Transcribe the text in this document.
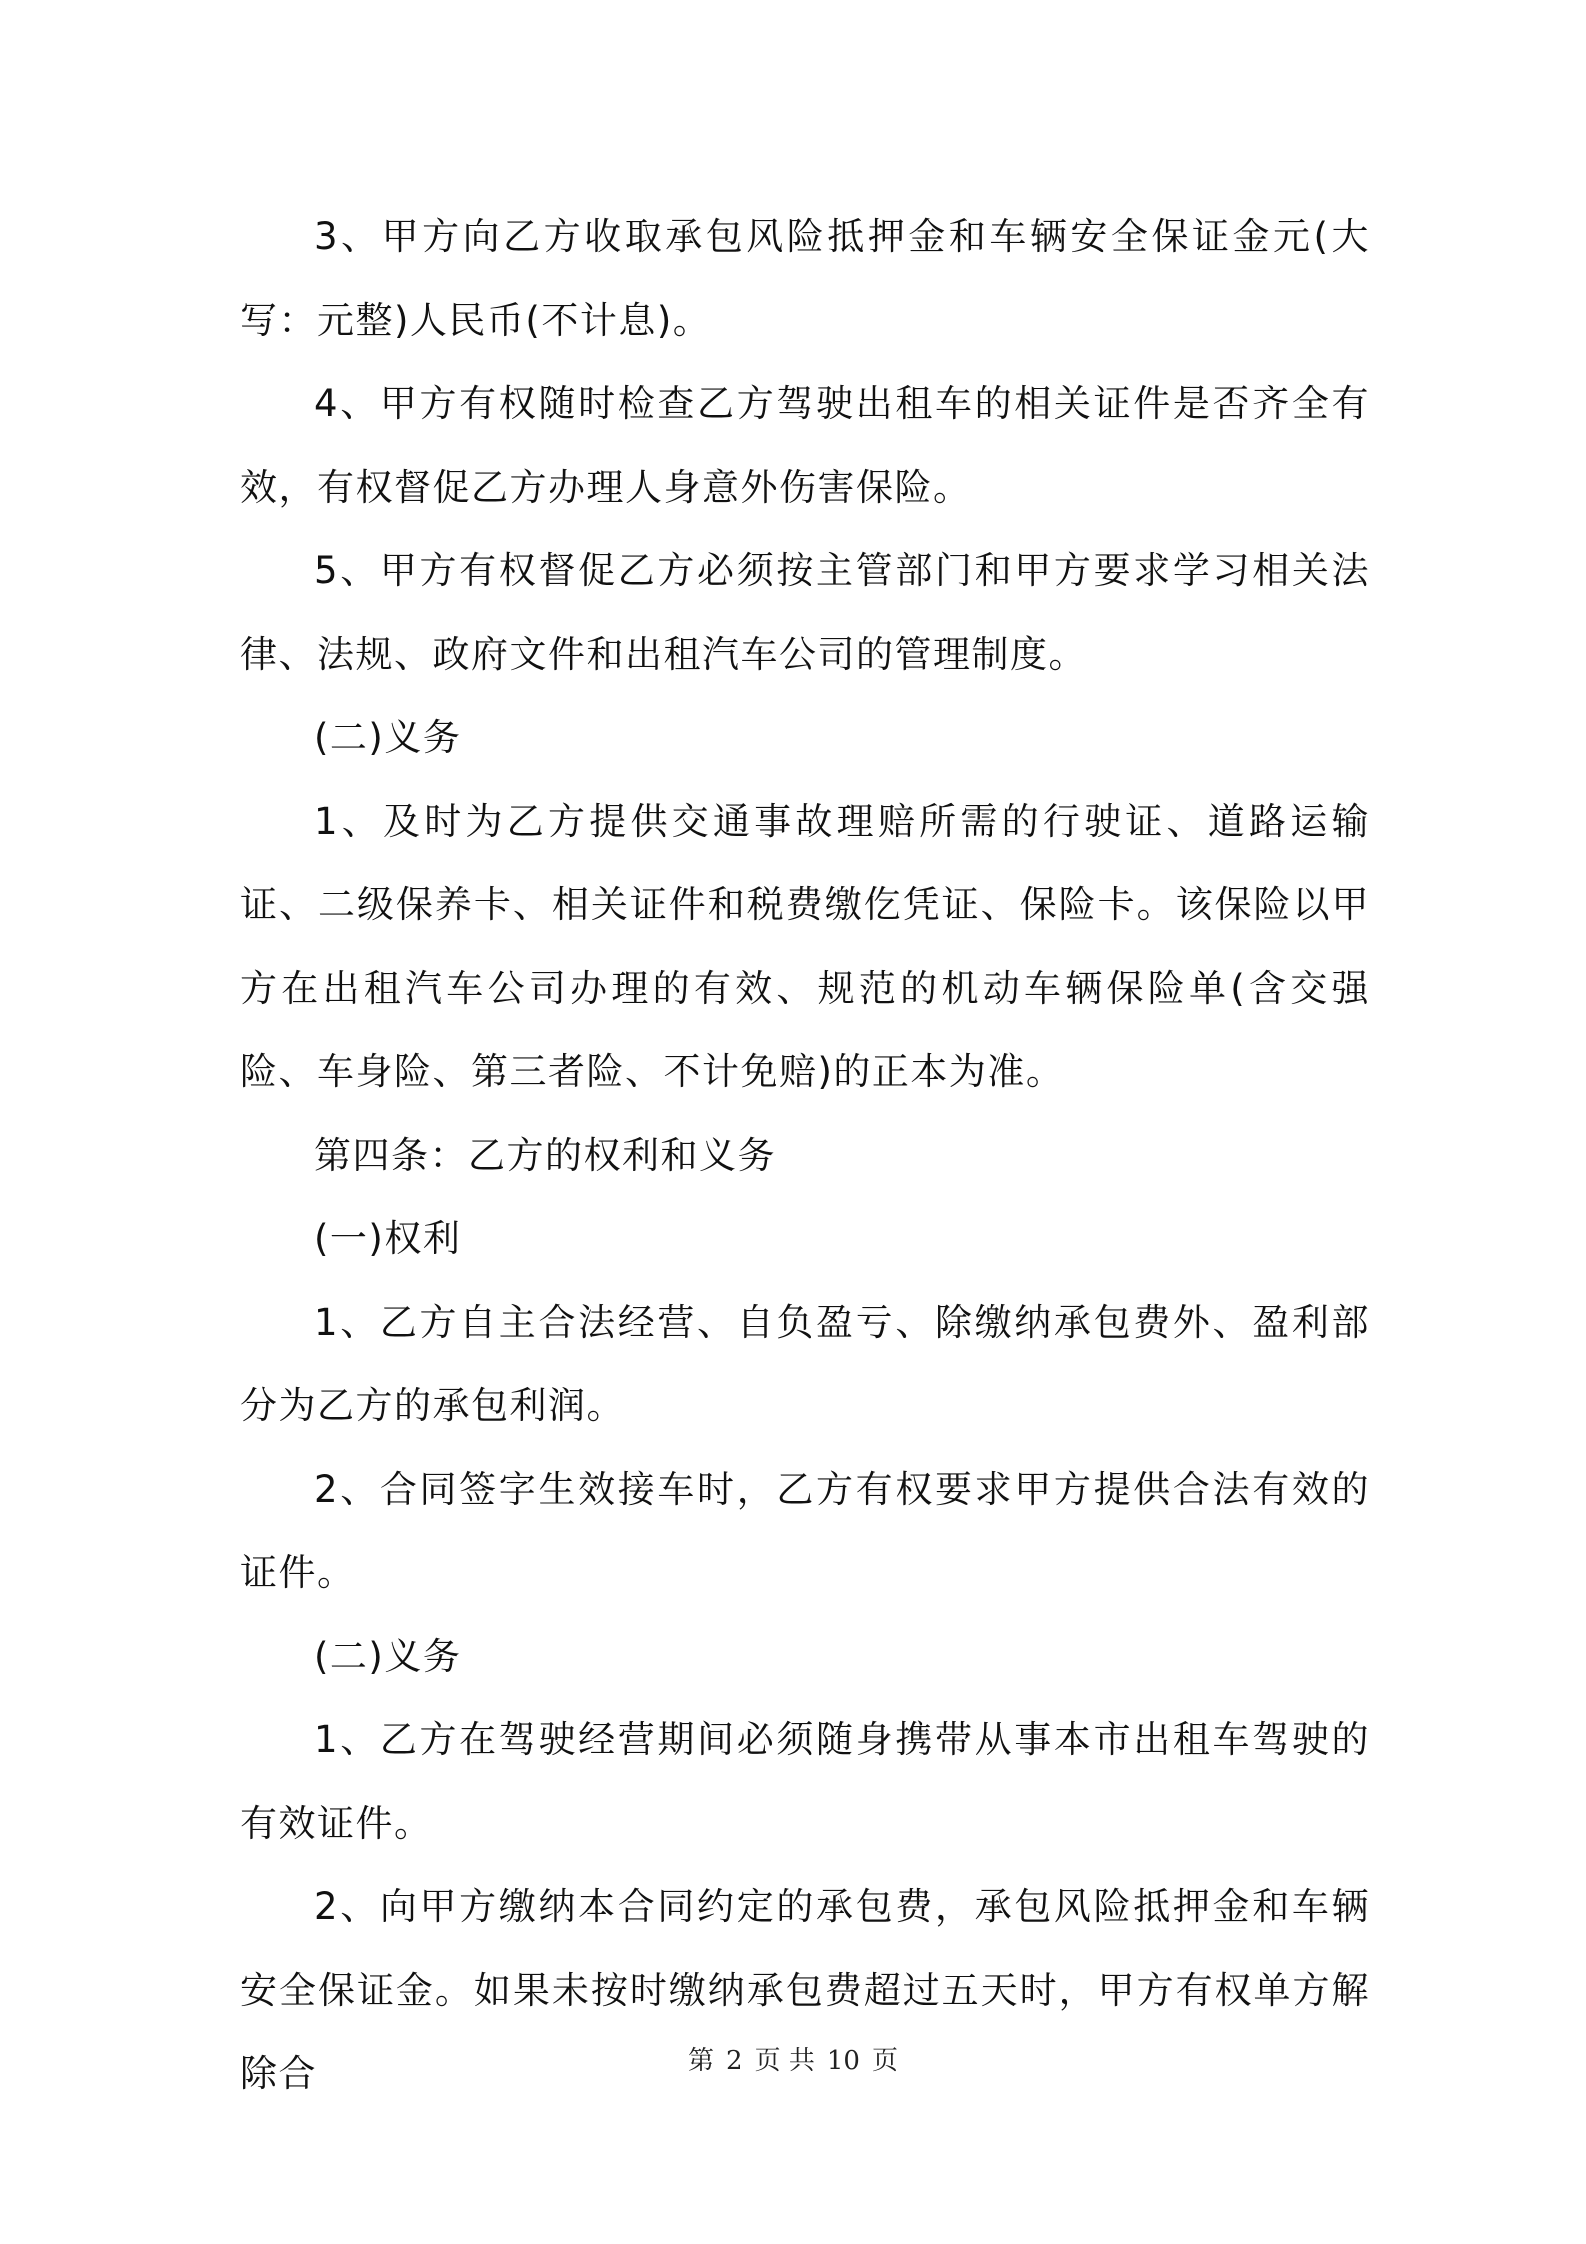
3、甲方向乙方收取承包风险抵押金和车辆安全保证金元(大写：元整)人民币(不计息)。

4、甲方有权随时检查乙方驾驶出租车的相关证件是否齐全有效，有权督促乙方办理人身意外伤害保险。

5、甲方有权督促乙方必须按主管部门和甲方要求学习相关法律、法规、政府文件和出租汽车公司的管理制度。

(二)义务

1、及时为乙方提供交通事故理赔所需的行驶证、道路运输证、二级保养卡、相关证件和税费缴仡凭证、保险卡。该保险以甲方在出租汽车公司办理的有效、规范的机动车辆保险单(含交强险、车身险、第三者险、不计免赔)的正本为准。

第四条：乙方的权利和义务

(一)权利

1、乙方自主合法经营、自负盈亏、除缴纳承包费外、盈利部分为乙方的承包利润。

2、合同签字生效接车时，乙方有权要求甲方提供合法有效的证件。

(二)义务

1、乙方在驾驶经营期间必须随身携带从事本市出租车驾驶的有效证件。

2、向甲方缴纳本合同约定的承包费，承包风险抵押金和车辆安全保证金。如果未按时缴纳承包费超过五天时，甲方有权单方解除合	第 2 页 共 10 页
